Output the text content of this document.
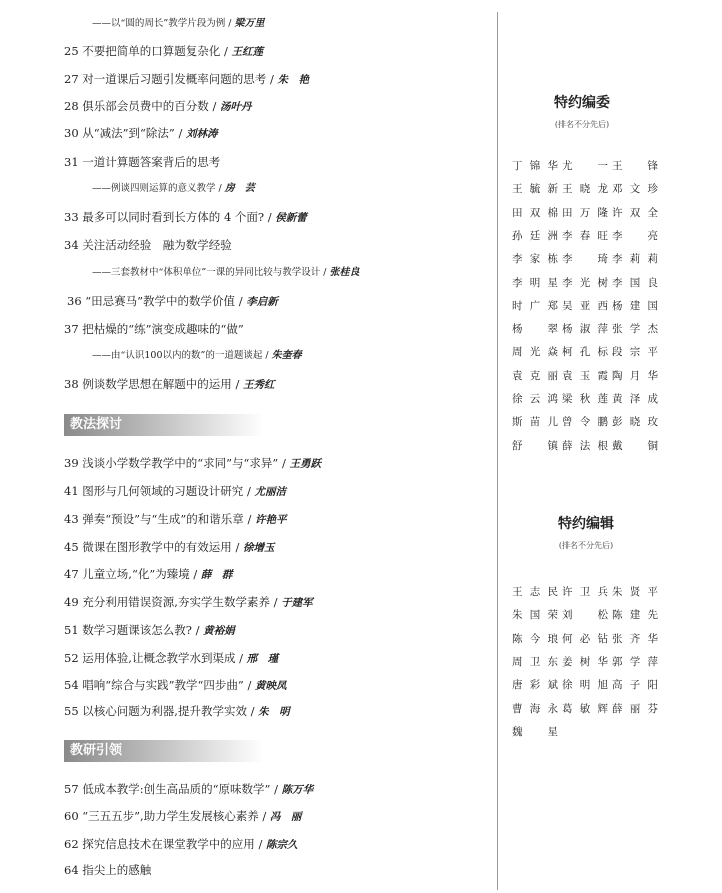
——以“圆的周长”教学片段为例 / 梁万里
25 不要把简单的口算题复杂化 / 王红莲
27 对一道课后习题引发概率问题的思考 / 朱　艳
28 俱乐部会员费中的百分数 / 汤叶丹
30 从“减法”到“除法” / 刘林涛
31 一道计算题答案背后的思考
——例谈四则运算的意义教学 / 房　芸
33 最多可以同时看到长方体的 4 个面? / 侯新蕾
34 关注活动经验　融为数学经验
——三套教材中“体积单位”一课的异同比较与教学设计 / 张桂良
36 “田忌赛马”教学中的数学价值 / 李启新
37 把枯燥的“练”演变成趣味的“做”
——由“认识100以内的数”的一道题谈起 / 朱奎春
38 例谈数学思想在解题中的运用 / 王秀红
39 浅谈小学数学教学中的“求同”与“求异” / 王勇跃
41 图形与几何领域的习题设计研究 / 尤丽洁
43 弹奏“预设”与“生成”的和谐乐章 / 许艳平
45 微课在图形教学中的有效运用 / 徐增玉
47 儿童立场,“化”为臻境 / 薛　群
49 充分利用错误资源,夯实学生数学素养 / 于建军
51 数学习题课该怎么教? / 黄裕娟
52 运用体验,让概念教学水到渠成 / 邢　瑾
54 唱响“综合与实践”教学“四步曲” / 黄映凤
55 以核心问题为利器,提升教学实效 / 朱　明
57 低成本教学:创生高品质的“原味数学” / 陈万华
60 “三五五步”,助力学生发展核心素养 / 冯　丽
62 探究信息技术在课堂教学中的应用 / 陈宗久
64 指尖上的感触
教法探讨
教研引领
特约编委
(排名不分先后)
丁锦华 尤　一 王　锋
王毓新 王晓龙 邓文珍
田双棉 田万隆 许双全
孙廷洲 李春旺 李　亮
李家栋 李　琦 李莉莉
李明星 李光树 李国良
时广郑 吴亚西 杨建国
杨　翠 杨淑萍 张学杰
周光焱 柯孔标 段宗平
袁克丽 袁玉霞 陶月华
徐云鸿 梁秋莲 黄泽成
斯苗儿 曾令鹏 彭晓玫
舒　镇 薛法根 戴　铜
特约编辑
(排名不分先后)
王志民 许卫兵 朱贤平
朱国荣 刘　松 陈建先
陈今琅 何必钻 张齐华
周卫东 姜树华 郭学萍
唐彩斌 徐明旭 高子阳
曹海永 葛敏辉 薛丽芬
魏　星
